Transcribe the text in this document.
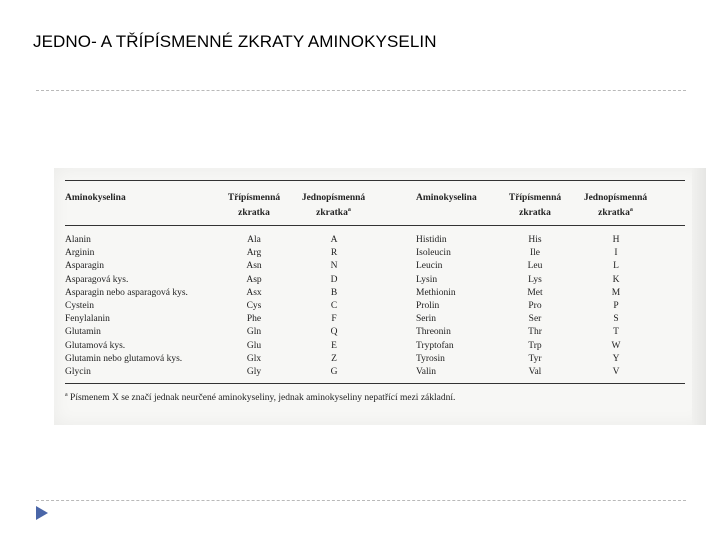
JEDNO- A TŘÍPÍSMENNÉ ZKRATY AMINOKYSELIN
Aminokyselina	Třípísmenná
zkratka
Jednopísmenná
zkratka$^a$
Aminokyselina	Třípísmenná
zkratka
Jednopísmenná
zkratka$^a$
Alanin
Arginin
Asparagin
Asparagová kys.
Asparagin nebo asparagová kys.
Cystein
Fenylalanin
Glutamin
Glutamová kys.
Glutamin nebo glutamová kys.
Glycin
Ala
Arg
Asn
Asp
Asx
Cys
Phe
Gln
Glu
Glx
Gly
A
R
N
D
B
C
F
Q
E
Z
G
Histidin
Isoleucin
Leucin
Lysin
Methionin
Prolin
Serin
Threonin
Tryptofan
Tyrosin
Valin
His
Ile
Leu
Lys
Met
Pro
Ser
Thr
Trp
Tyr
Val
H
I
L
K
M
P
S
T
W
Y
V
$^a$ Písmenem X se značí jednak neurčené aminokyseliny, jednak aminokyseliny nepatřící mezi základní.
